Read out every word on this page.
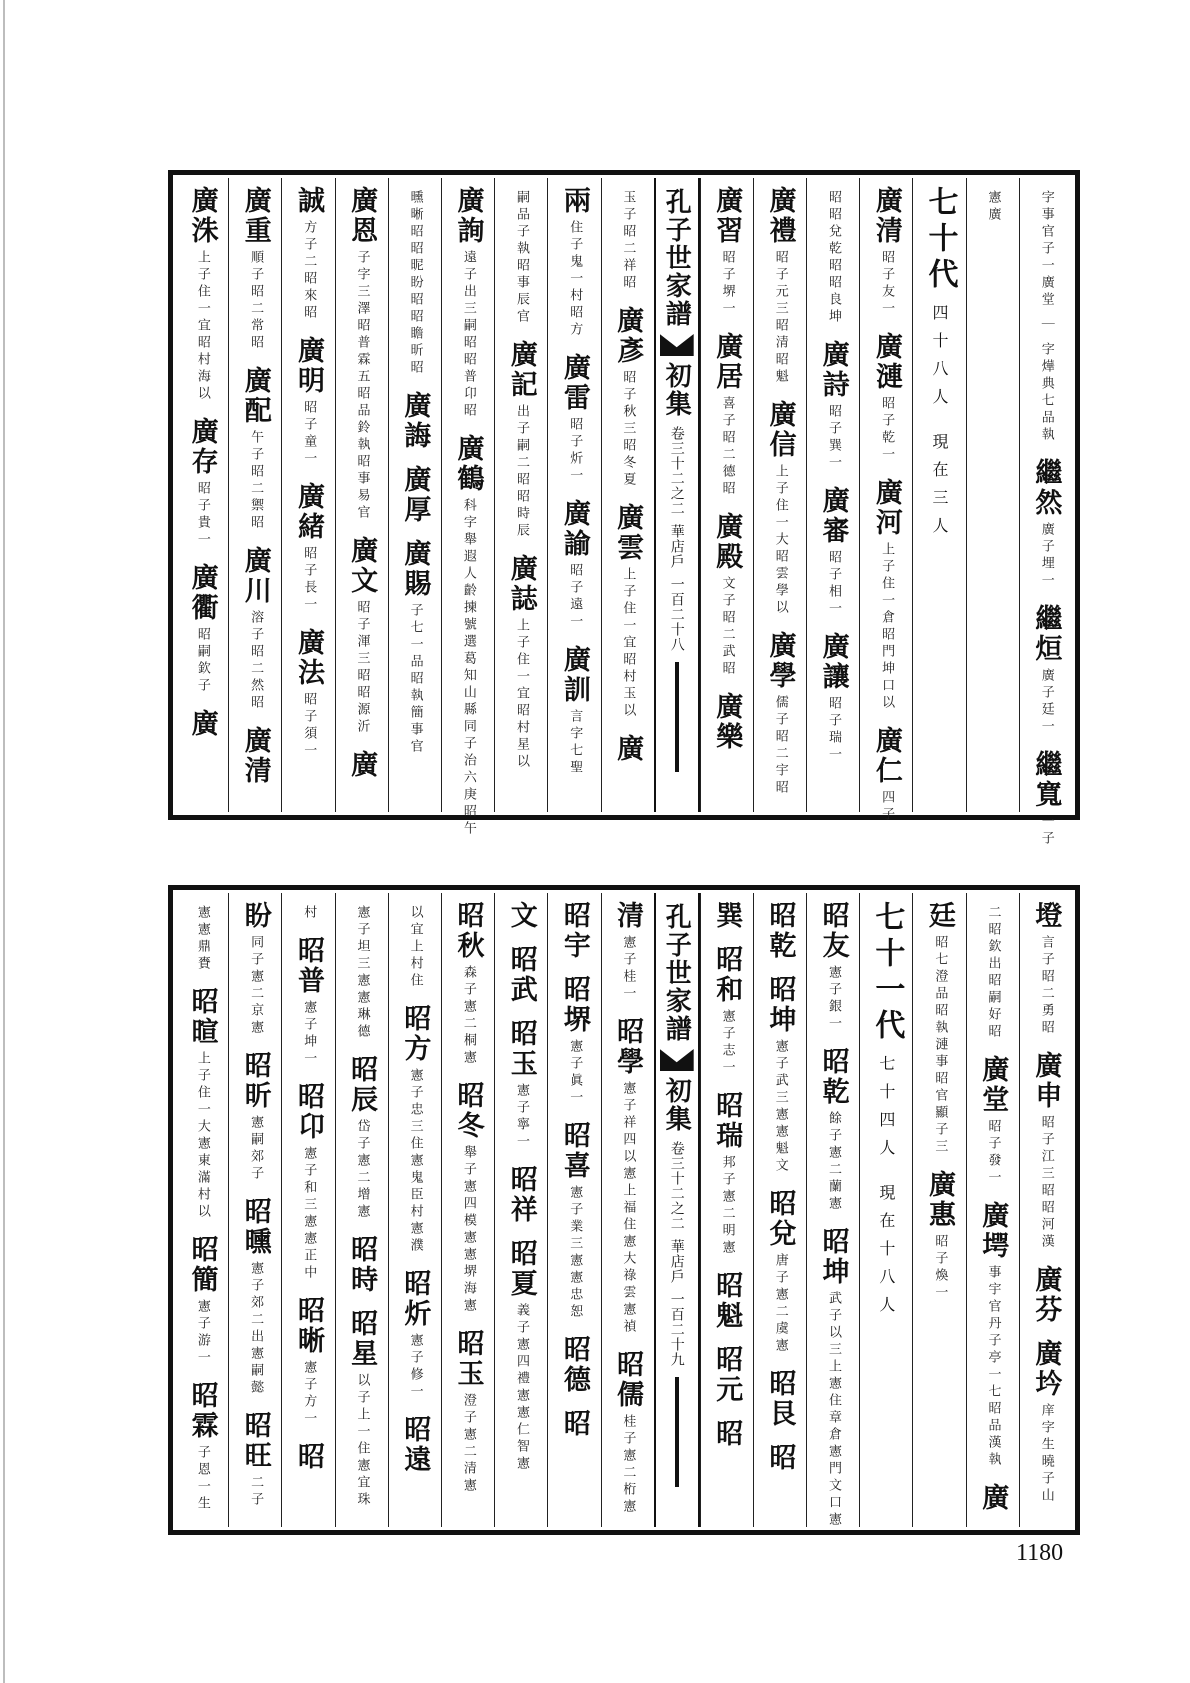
字事官子一廣堂 ｜ 字燁典七品執
繼然
廣子埋一
繼烜
廣子廷一
繼寬
一子
憲廣
七十代
四十八人 現在三人
廣清
昭子友一
廣漣
昭子乾一
廣河
上子住一倉昭門坤口以
廣仁
四子
昭昭兌乾昭昭良坤
廣詩
昭子巽一
廣審
昭子相一
廣讓
昭子瑞一
廣禮
昭子元三昭清昭魁
廣信
上子住一大昭雲學以
廣學
儒子昭二宇昭
廣習
昭子堺一
廣居
喜子昭二德昭
廣殿
文子昭二武昭
廣樂
孔子世家譜
初集
卷三十二之二
華店戶
一百二十八
玉子昭二祥昭
廣彥
昭子秋三昭冬夏
廣雲
上子住一宜昭村玉以
廣
兩
住子鬼一村昭方
廣雷
昭子炘一
廣諭
昭子遠一
廣訓
言字七聖
嗣品子執昭事辰官
廣記
出子嗣二昭昭時辰
廣誌
上子住一宜昭村星以
廣詢
遠子出三嗣昭昭普卬昭
廣鶴
科字舉遐人齡揀號選葛知山縣同子治六庚昭午
曛晰昭昭昵盼昭昭瞻昕昭
廣誨
廣厚
廣賜
子七一品昭執簡事官
廣恩
子字三澤昭普霖五昭品鈴執昭事易官
廣文
昭子渾三昭昭源沂
廣
誠
方子二昭來昭
廣明
昭子童一
廣緒
昭子長一
廣法
昭子須一
廣重
順子昭二常昭
廣配
午子昭二禦昭
廣川
溶子昭二然昭
廣清
廣洙
上子住一宜昭村海以
廣存
昭子貴一
廣衢
昭嗣欽子
廣
墱
言子昭二勇昭
廣申
昭子江三昭昭河漢
廣芬
廣坅
庠字生曉子山
二昭欽出昭嗣好昭
廣堂
昭子發一
廣堮
事宇官丹子亭一七昭品漢執
廣
廷
昭七澄品昭執漣事昭官顯子三
廣惠
昭子煥一
七十一代
七十四人 現在十八人
昭友
憲子銀一
昭乾
餘子憲二蘭憲
昭坤
武子以三上憲住章倉憲門文口憲
昭乾
昭坤
憲子武三憲憲魁文
昭兌
唐子憲二虞憲
昭艮
昭
巽
昭和
憲子志一
昭瑞
邦子憲二明憲
昭魁
昭元
昭
孔子世家譜
初集
卷三十二之二
華店戶
一百二十九
清
憲子桂一
昭學
憲子祥四以憲上福住憲大祿雲憲禎
昭儒
桂子憲二桁憲
昭宇
昭堺
憲子眞一
昭喜
憲子業三憲憲忠恕
昭德
昭
文
昭武
昭玉
憲子寧一
昭祥
昭夏
義子憲四禮憲憲仁智憲
昭秋
森子憲二桐憲
昭冬
舉子憲四模憲憲堺海憲
昭玉
澄子憲二清憲
以宜上村住
昭方
憲子忠三住憲鬼臣村憲濮
昭炘
憲子修一
昭遠
憲子坦三憲憲琳德
昭辰
岱子憲二增憲
昭時
昭星
以子上一住憲宜珠
村
昭普
憲子坤一
昭卬
憲子和三憲憲正中
昭晰
憲子方一
昭
盼
同子憲二京憲
昭昕
憲嗣郊子
昭曛
憲子郊二出憲嗣懿
昭旺
二子
憲憲鼎賚
昭暄
上子住一大憲東滿村以
昭簡
憲子游一
昭霖
子恩一生
1180
